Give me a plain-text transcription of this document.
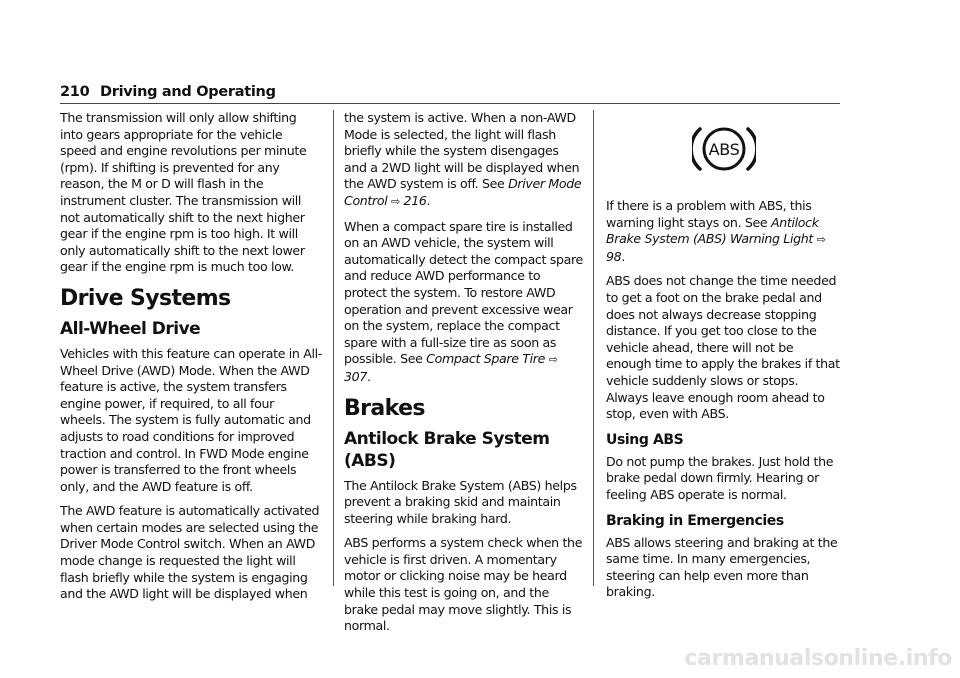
210 Driving and Operating

The transmission will only allow shifting into gears appropriate for the vehicle speed and engine revolutions per minute (rpm). If shifting is prevented for any reason, the M or D will flash in the instrument cluster. The transmission will not automatically shift to the next higher gear if the engine rpm is too high. It will only automatically shift to the next lower gear if the engine rpm is much too low.

Drive Systems
All-Wheel Drive

Vehicles with this feature can operate in All-Wheel Drive (AWD) Mode. When the AWD feature is active, the system transfers engine power, if required, to all four wheels. The system is fully automatic and adjusts to road conditions for improved traction and control. In FWD Mode engine power is transferred to the front wheels only, and the AWD feature is off.

The AWD feature is automatically activated when certain modes are selected using the Driver Mode Control switch. When an AWD mode change is requested the light will flash briefly while the system is engaging and the AWD light will be displayed when

the system is active. When a non-AWD Mode is selected, the light will flash briefly while the system disengages and a 2WD light will be displayed when the AWD system is off. See Driver Mode Control ⇨ 216.

When a compact spare tire is installed on an AWD vehicle, the system will automatically detect the compact spare and reduce AWD performance to protect the system. To restore AWD operation and prevent excessive wear on the system, replace the compact spare with a full-size tire as soon as possible. See Compact Spare Tire ⇨ 307.

Brakes
Antilock Brake System (ABS)

The Antilock Brake System (ABS) helps prevent a braking skid and maintain steering while braking hard.

ABS performs a system check when the vehicle is first driven. A momentary motor or clicking noise may be heard while this test is going on, and the brake pedal may move slightly. This is normal.

ABS

If there is a problem with ABS, this warning light stays on. See Antilock Brake System (ABS) Warning Light ⇨ 98.

ABS does not change the time needed to get a foot on the brake pedal and does not always decrease stopping distance. If you get too close to the vehicle ahead, there will not be enough time to apply the brakes if that vehicle suddenly slows or stops. Always leave enough room ahead to stop, even with ABS.

Using ABS

Do not pump the brakes. Just hold the brake pedal down firmly. Hearing or feeling ABS operate is normal.

Braking in Emergencies

ABS allows steering and braking at the same time. In many emergencies, steering can help even more than braking.

carmanualsonline.info
